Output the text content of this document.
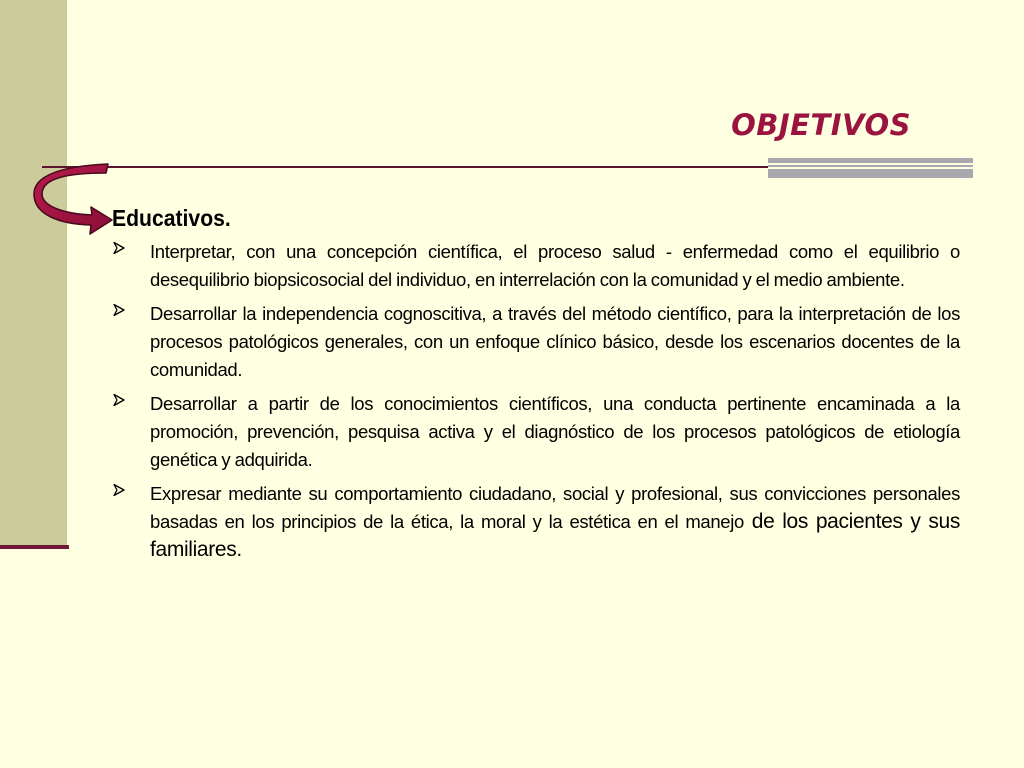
OBJETIVOS
Educativos.
Interpretar, con una concepción científica, el proceso salud - enfermedad como el equilibrio o desequilibrio biopsicosocial del individuo, en interrelación con la comunidad y el medio ambiente.
Desarrollar la independencia cognoscitiva, a través del método científico, para la interpretación de los procesos patológicos generales, con un enfoque clínico básico, desde los escenarios docentes de la comunidad.
Desarrollar a partir de los conocimientos científicos, una conducta pertinente encaminada a la promoción, prevención, pesquisa activa y el diagnóstico de los procesos patológicos de etiología genética y adquirida.
Expresar mediante su comportamiento ciudadano, social y profesional, sus convicciones personales basadas en los principios de la ética, la moral y la estética en el manejo de los pacientes y sus familiares.
